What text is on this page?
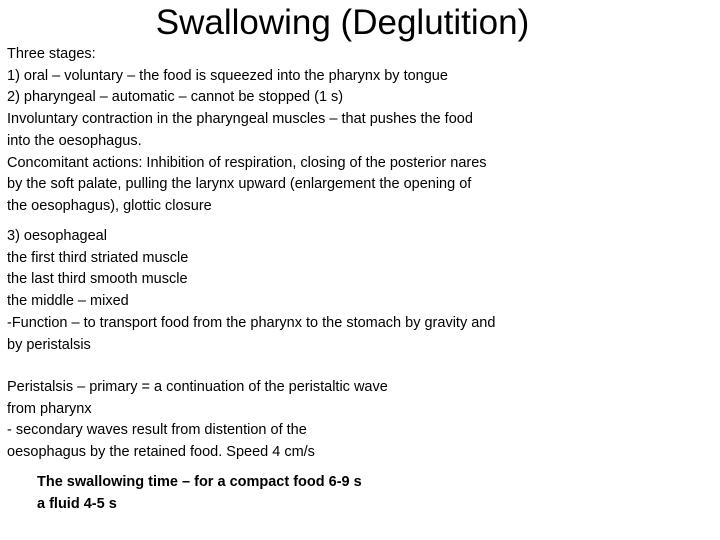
Swallowing (Deglutition)
Three stages:
1) oral – voluntary – the food is squeezed into the pharynx by tongue
2) pharyngeal – automatic – cannot be stopped (1 s)
Involuntary contraction in the pharyngeal muscles – that pushes the food
into the oesophagus.
Concomitant actions: Inhibition of respiration, closing of the posterior nares
by the soft palate, pulling the larynx upward (enlargement the opening of
the oesophagus), glottic closure
3) oesophageal
the first third striated muscle
the last third smooth muscle
the middle – mixed
-Function – to transport food from the pharynx to the stomach by gravity and
by peristalsis
Peristalsis – primary = a continuation of the peristaltic wave
from pharynx
- secondary waves result from distention of the
oesophagus by the retained food. Speed 4 cm/s
The swallowing time – for a compact food 6-9 s
a fluid 4-5 s
